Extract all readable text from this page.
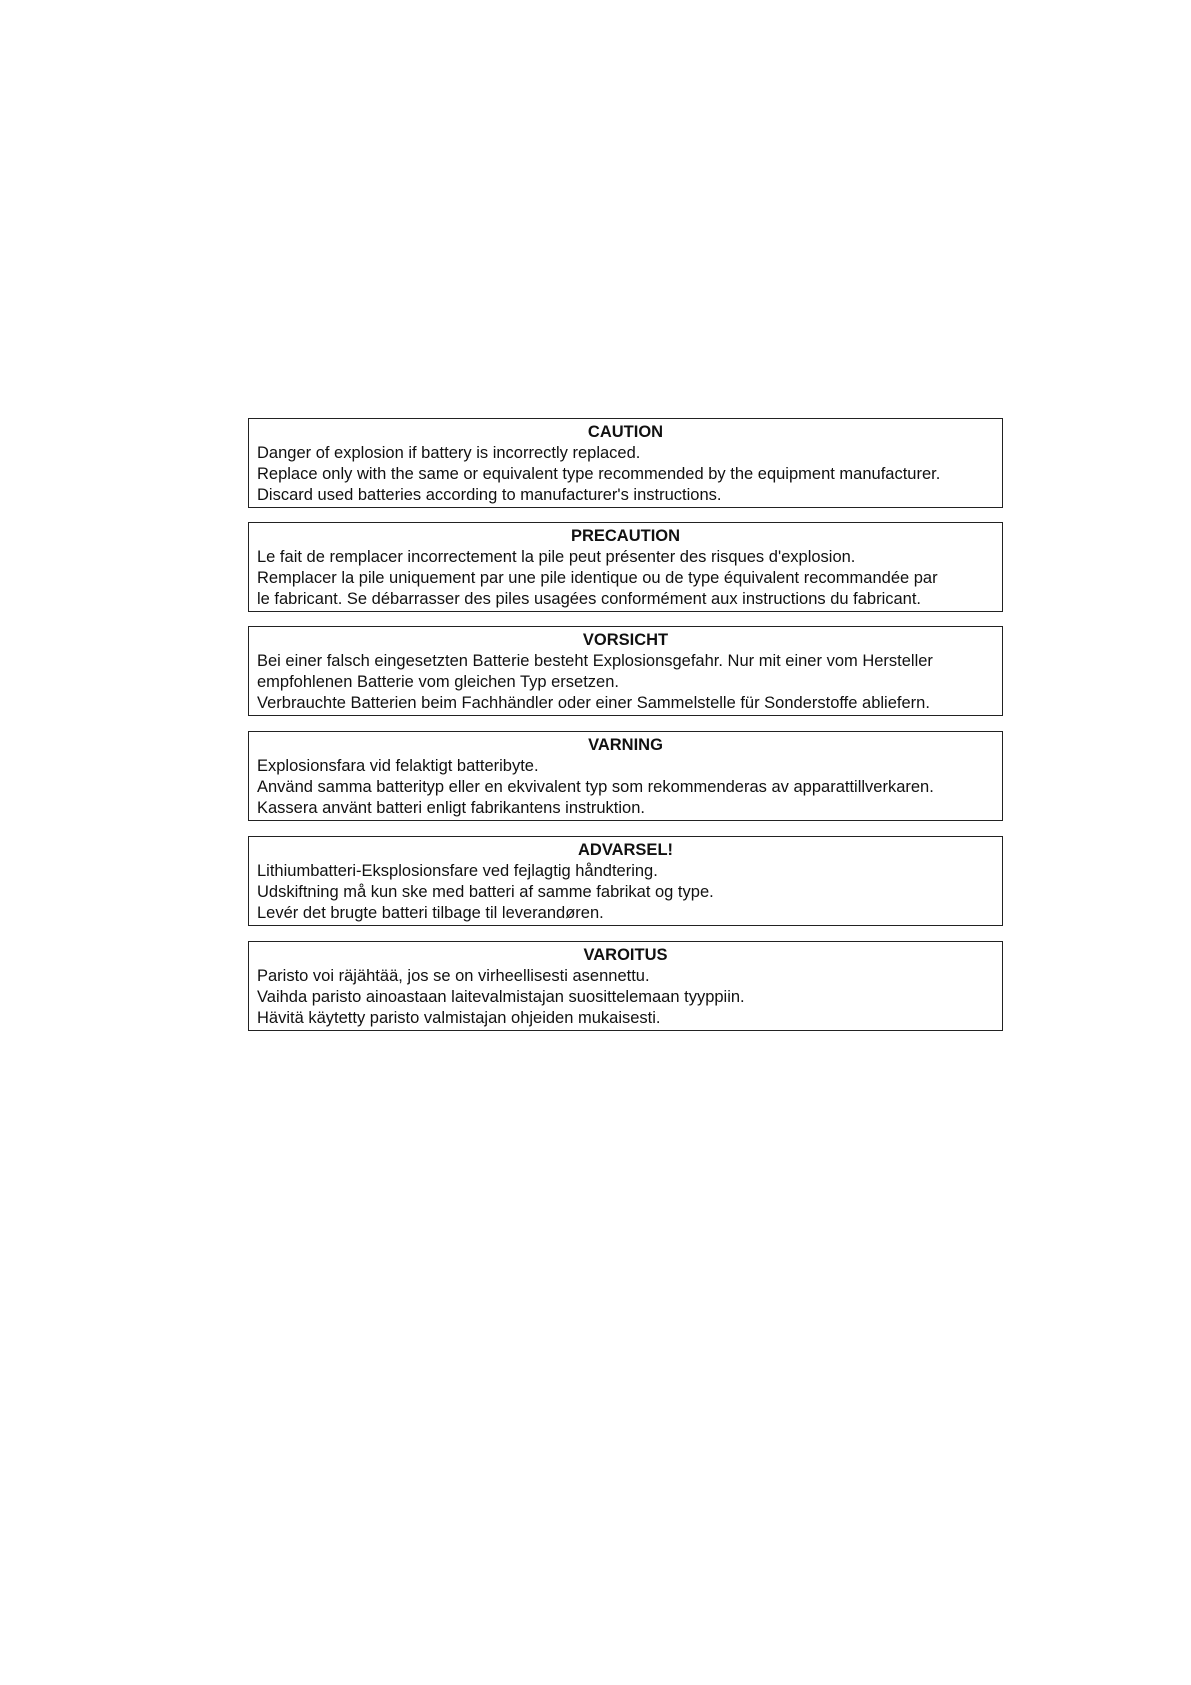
CAUTION
Danger of explosion if battery is incorrectly replaced.
Replace only with the same or equivalent type recommended by the equipment manufacturer.
Discard used batteries according to manufacturer's instructions.
PRECAUTION
Le fait de remplacer incorrectement la pile peut présenter des risques d'explosion.
Remplacer la pile uniquement par une pile identique ou de type équivalent recommandée par
le fabricant. Se débarrasser des piles usagées conformément aux instructions du fabricant.
VORSICHT
Bei einer falsch eingesetzten Batterie besteht Explosionsgefahr. Nur mit einer vom Hersteller
empfohlenen Batterie vom gleichen Typ ersetzen.
Verbrauchte Batterien beim Fachhändler oder einer Sammelstelle für Sonderstoffe abliefern.
VARNING
Explosionsfara vid felaktigt batteribyte.
Använd samma batterityp eller en ekvivalent typ som rekommenderas av apparattillverkaren.
Kassera använt batteri enligt fabrikantens instruktion.
ADVARSEL!
Lithiumbatteri-Eksplosionsfare ved fejlagtig håndtering.
Udskiftning må kun ske med batteri af samme fabrikat og type.
Levér det brugte batteri tilbage til leverandøren.
VAROITUS
Paristo voi räjähtää, jos se on virheellisesti asennettu.
Vaihda paristo ainoastaan laitevalmistajan suosittelemaan tyyppiin.
Hävitä käytetty paristo valmistajan ohjeiden mukaisesti.
